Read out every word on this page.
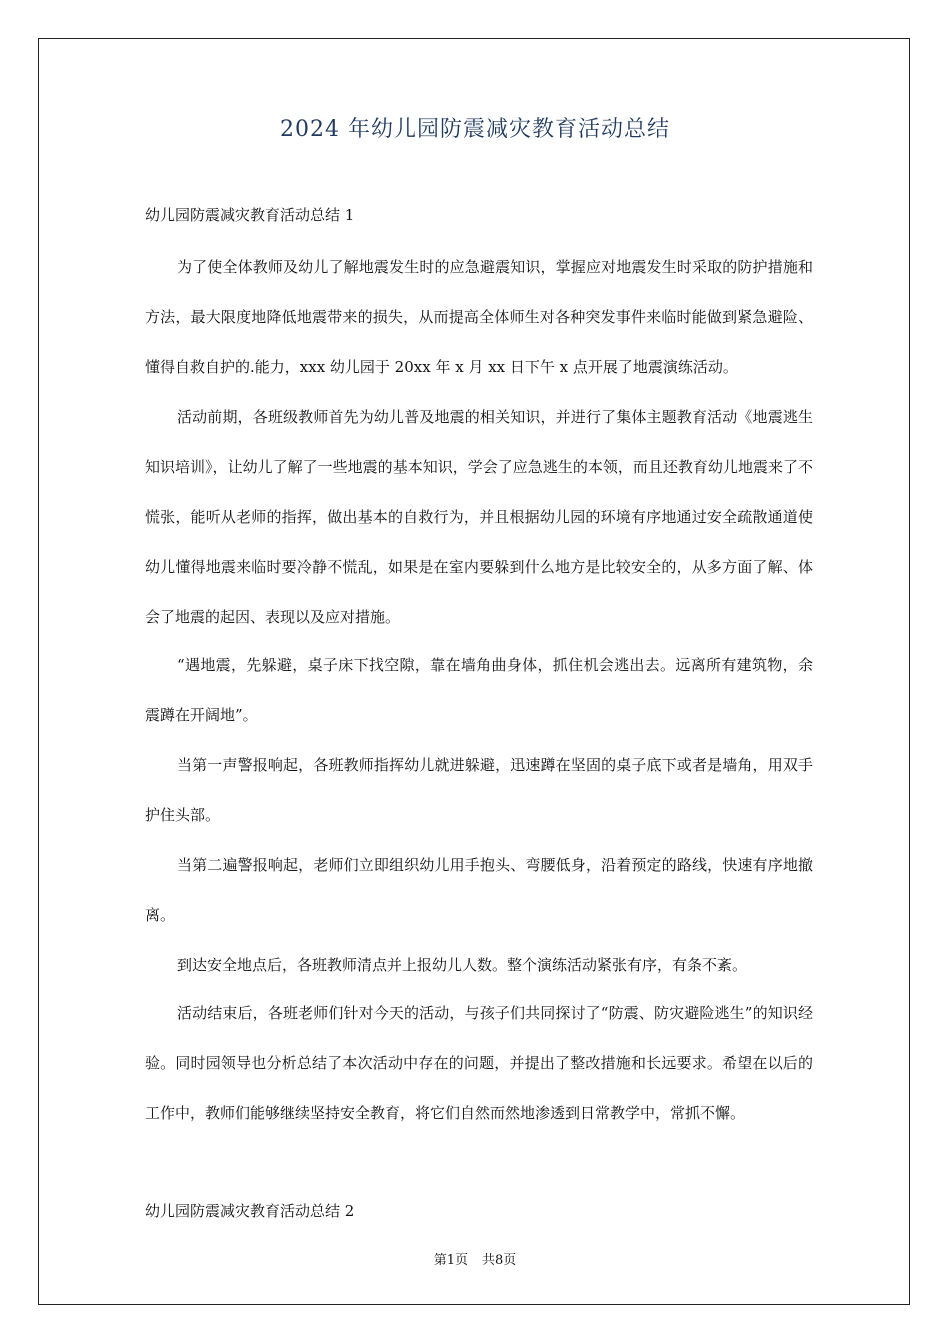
2024 年幼儿园防震减灾教育活动总结
幼儿园防震减灾教育活动总结 1

为了使全体教师及幼儿了解地震发生时的应急避震知识，掌握应对地震发生时采取的防护措施和方法，最大限度地降低地震带来的损失，从而提高全体师生对各种突发事件来临时能做到紧急避险、懂得自救自护的.能力，xxx 幼儿园于 20xx 年 x 月 xx 日下午 x 点开展了地震演练活动。

活动前期，各班级教师首先为幼儿普及地震的相关知识，并进行了集体主题教育活动《地震逃生知识培训》，让幼儿了解了一些地震的基本知识，学会了应急逃生的本领，而且还教育幼儿地震来了不慌张，能听从老师的指挥，做出基本的自救行为，并且根据幼儿园的环境有序地通过安全疏散通道使幼儿懂得地震来临时要冷静不慌乱，如果是在室内要躲到什么地方是比较安全的，从多方面了解、体会了地震的起因、表现以及应对措施。

“遇地震，先躲避，桌子床下找空隙，靠在墙角曲身体，抓住机会逃出去。远离所有建筑物，余震蹲在开阔地”。

当第一声警报响起，各班教师指挥幼儿就进躲避，迅速蹲在坚固的桌子底下或者是墙角，用双手护住头部。

当第二遍警报响起，老师们立即组织幼儿用手抱头、弯腰低身，沿着预定的路线，快速有序地撤离。

到达安全地点后，各班教师清点并上报幼儿人数。整个演练活动紧张有序，有条不紊。

活动结束后，各班老师们针对今天的活动，与孩子们共同探讨了“防震、防灾避险逃生”的知识经验。同时园领导也分析总结了本次活动中存在的问题，并提出了整改措施和长远要求。希望在以后的工作中，教师们能够继续坚持安全教育，将它们自然而然地渗透到日常教学中，常抓不懈。

幼儿园防震减灾教育活动总结 2
第1页 共8页
